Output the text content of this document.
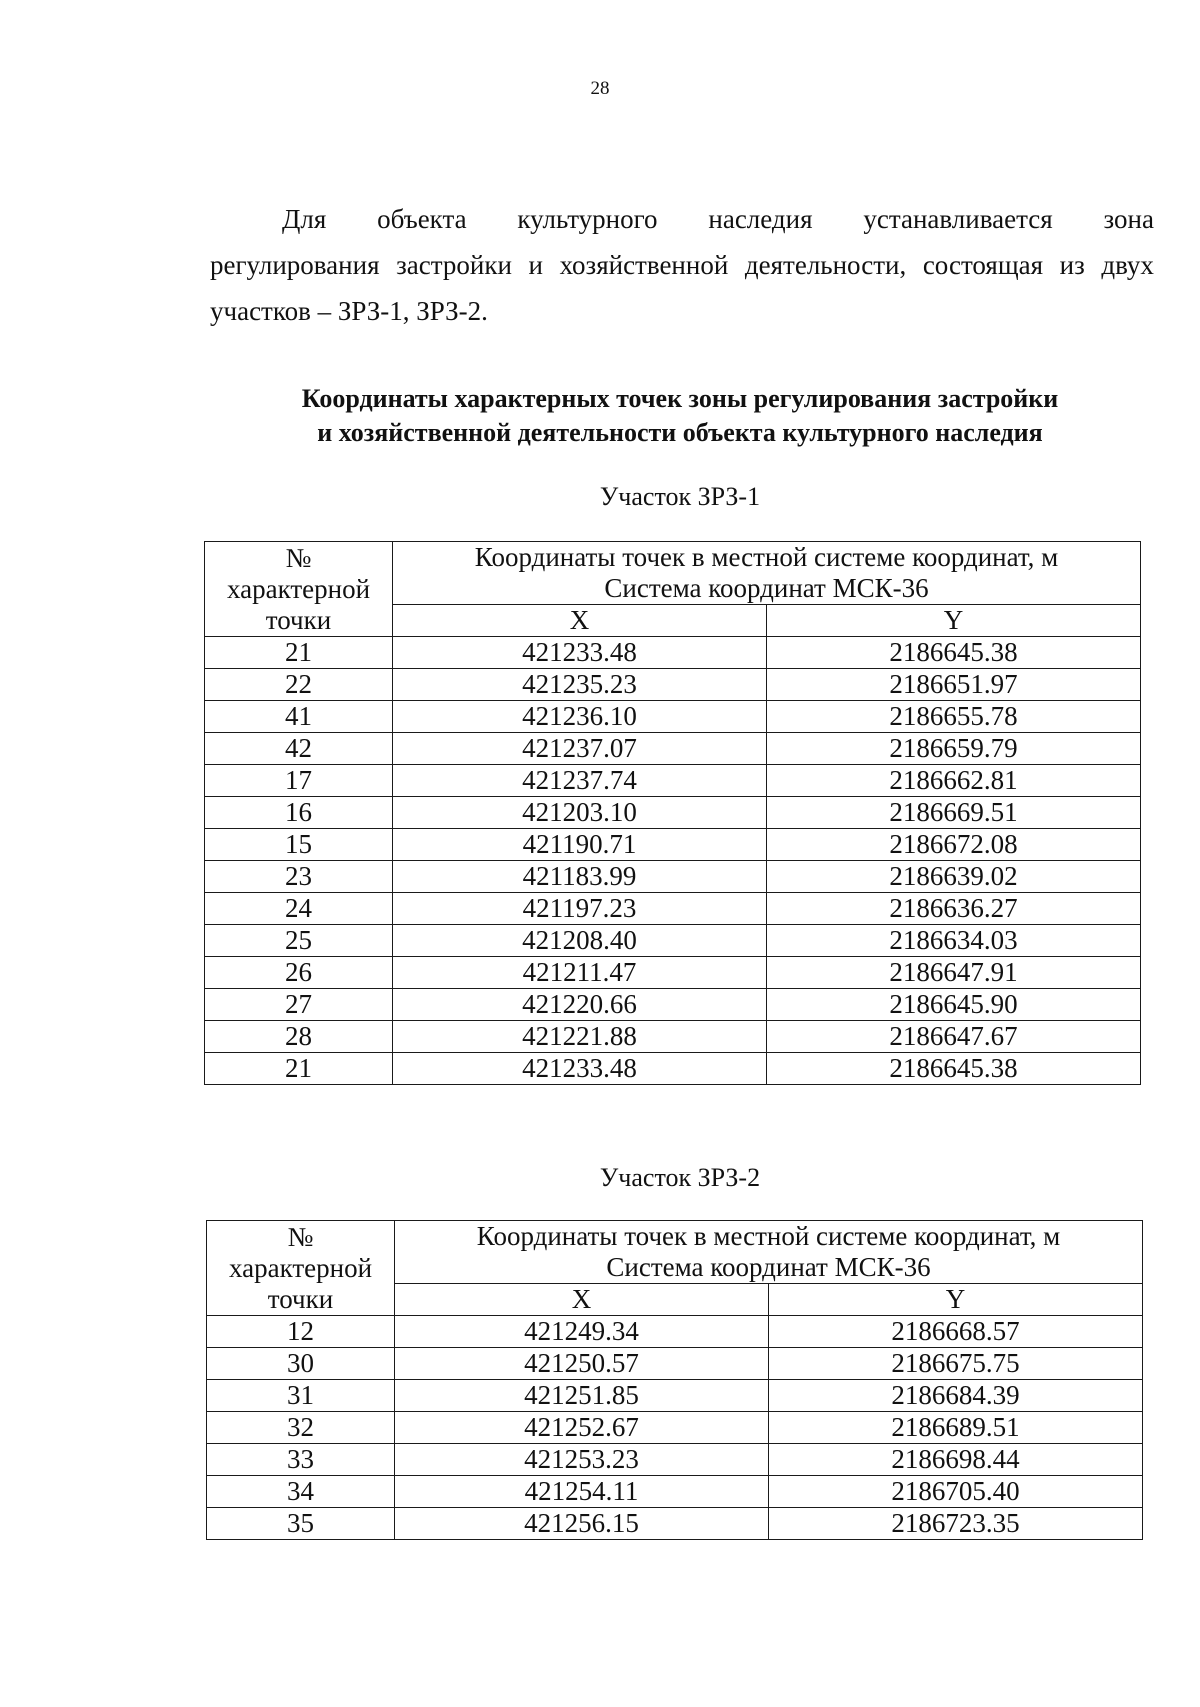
28
Для объекта культурного наследия устанавливается зона
регулирования застройки и хозяйственной деятельности, состоящая из двух
участков – ЗРЗ-1, ЗРЗ-2.
Координаты характерных точек зоны регулирования застройки
и хозяйственной деятельности объекта культурного наследия
Участок ЗРЗ-1
№
характерной
точки	Координаты точек в местной системе координат, м
Система координат МСК-36	

	X	Y
21	421233.48	2186645.38
22	421235.23	2186651.97
41	421236.10	2186655.78
42	421237.07	2186659.79
17	421237.74	2186662.81
16	421203.10	2186669.51
15	421190.71	2186672.08
23	421183.99	2186639.02
24	421197.23	2186636.27
25	421208.40	2186634.03
26	421211.47	2186647.91
27	421220.66	2186645.90
28	421221.88	2186647.67
21	421233.48	2186645.38
Участок ЗРЗ-2
№
характерной
точки	Координаты точек в местной системе координат, м
Система координат МСК-36	

	X	Y
12	421249.34	2186668.57
30	421250.57	2186675.75
31	421251.85	2186684.39
32	421252.67	2186689.51
33	421253.23	2186698.44
34	421254.11	2186705.40
35	421256.15	2186723.35
